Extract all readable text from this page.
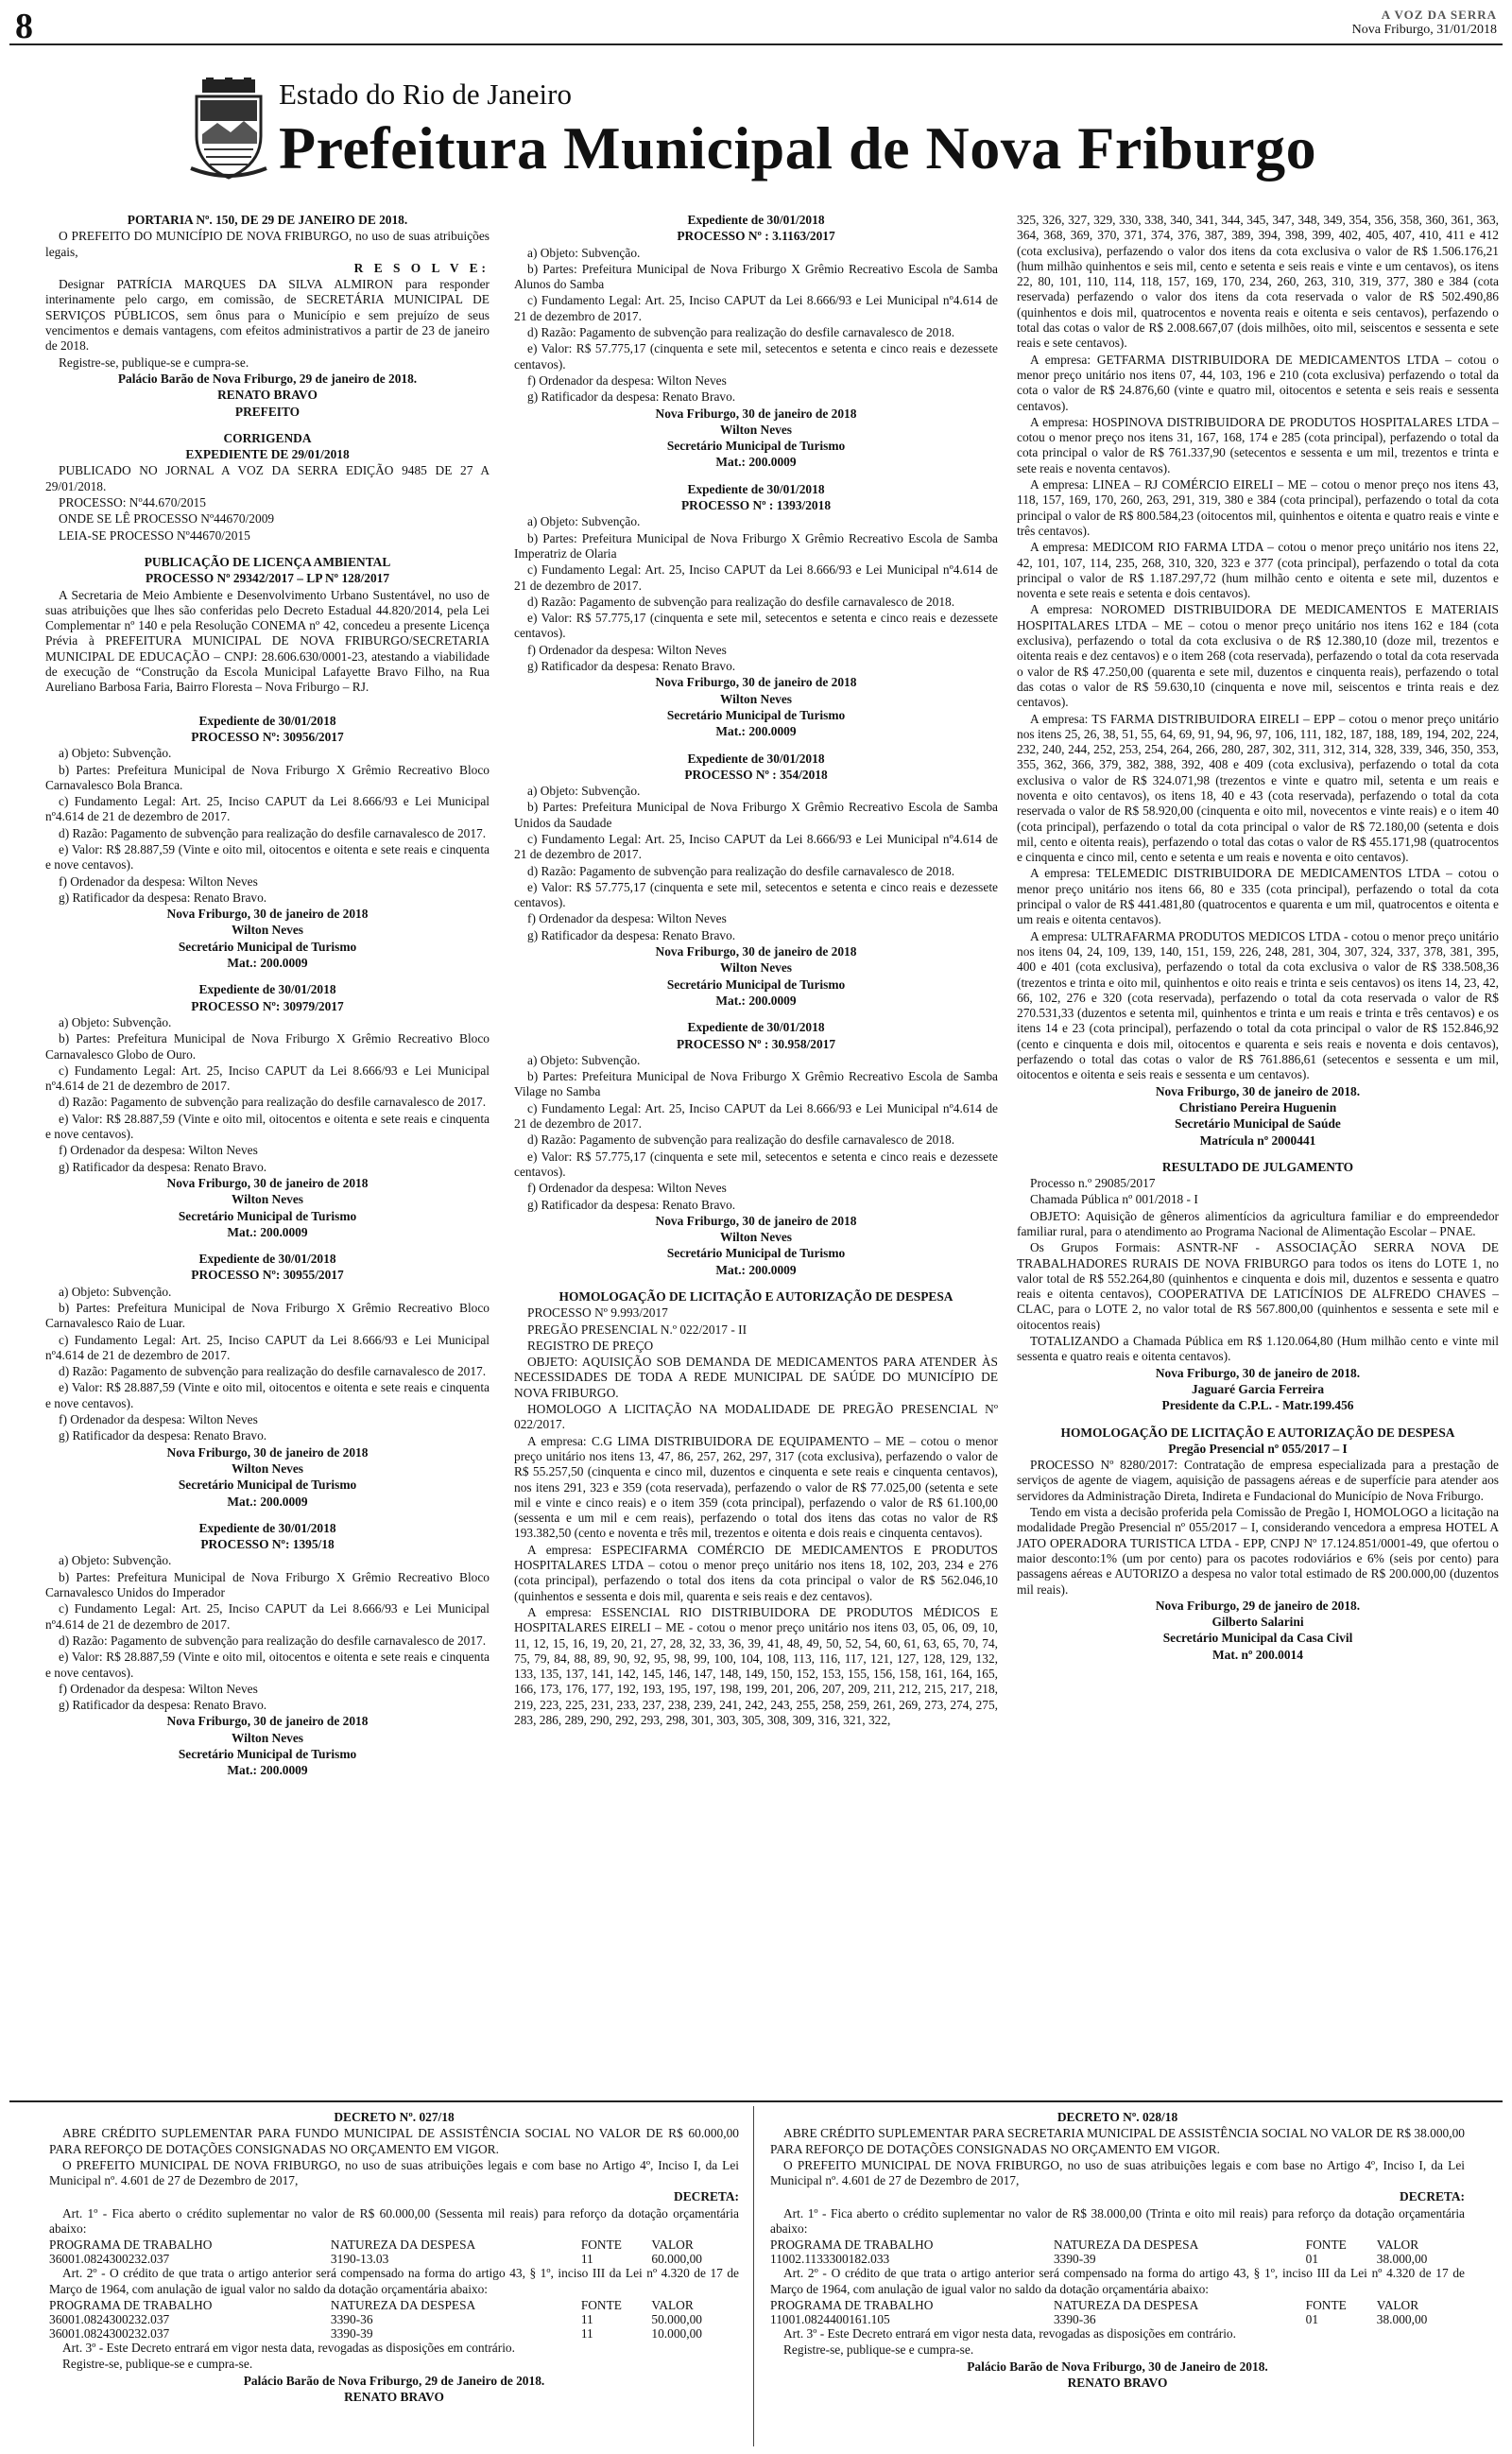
8	A VOZ DA SERRA
Nova Friburgo, 31/01/2018
Estado do Rio de Janeiro
Prefeitura Municipal de Nova Friburgo

PORTARIA Nº. 150, DE 29 DE JANEIRO DE 2018.

O PREFEITO DO MUNICÍPIO DE NOVA FRIBURGO, no uso de suas atribuições legais,

R E S O L V E:

Designar PATRÍCIA MARQUES DA SILVA ALMIRON para responder interinamente pelo cargo, em comissão, de SECRETÁRIA MUNICIPAL DE SERVIÇOS PÚBLICOS, sem ônus para o Município e sem prejuízo de seus vencimentos e demais vantagens, com efeitos administrativos a partir de 23 de janeiro de 2018.

Registre-se, publique-se e cumpra-se.

Palácio Barão de Nova Friburgo, 29 de janeiro de 2018.

RENATO BRAVO

PREFEITO

CORRIGENDA

EXPEDIENTE DE 29/01/2018

PUBLICADO NO JORNAL A VOZ DA SERRA EDIÇÃO 9485 DE 27 A 29/01/2018.

PROCESSO: Nº44.670/2015

ONDE SE LÊ PROCESSO Nº44670/2009

LEIA-SE PROCESSO Nº44670/2015

PUBLICAÇÃO DE LICENÇA AMBIENTAL

PROCESSO Nº 29342/2017 – LP Nº 128/2017

A Secretaria de Meio Ambiente e Desenvolvimento Urbano Sustentável, no uso de suas atribuições que lhes são conferidas pelo Decreto Estadual 44.820/2014, pela Lei Complementar nº 140 e pela Resolução CONEMA nº 42, concedeu a presente Licença Prévia à PREFEITURA MUNICIPAL DE NOVA FRIBURGO/SECRETARIA MUNICIPAL DE EDUCAÇÃO – CNPJ: 28.606.630/0001-23, atestando a viabilidade de execução de “Construção da Escola Municipal Lafayette Bravo Filho, na Rua Aureliano Barbosa Faria, Bairro Floresta – Nova Friburgo – RJ.

Expediente de 30/01/2018

PROCESSO Nº: 30956/2017

a) Objeto: Subvenção.

b) Partes: Prefeitura Municipal de Nova Friburgo X Grêmio Recreativo Bloco Carnavalesco Bola Branca.

c) Fundamento Legal: Art. 25, Inciso CAPUT da Lei 8.666/93 e Lei Municipal nº4.614 de 21 de dezembro de 2017.

d) Razão: Pagamento de subvenção para realização do desfile carnavalesco de 2017.

e) Valor: R$ 28.887,59 (Vinte e oito mil, oitocentos e oitenta e sete reais e cinquenta e nove centavos).

f) Ordenador da despesa: Wilton Neves

g) Ratificador da despesa: Renato Bravo.

Nova Friburgo, 30 de janeiro de 2018

Wilton Neves

Secretário Municipal de Turismo

Mat.: 200.0009

Expediente de 30/01/2018

PROCESSO Nº: 30979/2017

a) Objeto: Subvenção.

b) Partes: Prefeitura Municipal de Nova Friburgo X Grêmio Recreativo Bloco Carnavalesco Globo de Ouro.

c) Fundamento Legal: Art. 25, Inciso CAPUT da Lei 8.666/93 e Lei Municipal nº4.614 de 21 de dezembro de 2017.

d) Razão: Pagamento de subvenção para realização do desfile carnavalesco de 2017.

e) Valor: R$ 28.887,59 (Vinte e oito mil, oitocentos e oitenta e sete reais e cinquenta e nove centavos).

f) Ordenador da despesa: Wilton Neves

g) Ratificador da despesa: Renato Bravo.

Nova Friburgo, 30 de janeiro de 2018

Wilton Neves

Secretário Municipal de Turismo

Mat.: 200.0009

Expediente de 30/01/2018

PROCESSO Nº: 30955/2017

a) Objeto: Subvenção.

b) Partes: Prefeitura Municipal de Nova Friburgo X Grêmio Recreativo Bloco Carnavalesco Raio de Luar.

c) Fundamento Legal: Art. 25, Inciso CAPUT da Lei 8.666/93 e Lei Municipal nº4.614 de 21 de dezembro de 2017.

d) Razão: Pagamento de subvenção para realização do desfile carnavalesco de 2017.

e) Valor: R$ 28.887,59 (Vinte e oito mil, oitocentos e oitenta e sete reais e cinquenta e nove centavos).

f) Ordenador da despesa: Wilton Neves

g) Ratificador da despesa: Renato Bravo.

Nova Friburgo, 30 de janeiro de 2018

Wilton Neves

Secretário Municipal de Turismo

Mat.: 200.0009

Expediente de 30/01/2018

PROCESSO Nº: 1395/18

a) Objeto: Subvenção.

b) Partes: Prefeitura Municipal de Nova Friburgo X Grêmio Recreativo Bloco Carnavalesco Unidos do Imperador

c) Fundamento Legal: Art. 25, Inciso CAPUT da Lei 8.666/93 e Lei Municipal nº4.614 de 21 de dezembro de 2017.

d) Razão: Pagamento de subvenção para realização do desfile carnavalesco de 2017.

e) Valor: R$ 28.887,59 (Vinte e oito mil, oitocentos e oitenta e sete reais e cinquenta e nove centavos).

f) Ordenador da despesa: Wilton Neves

g) Ratificador da despesa: Renato Bravo.

Nova Friburgo, 30 de janeiro de 2018

Wilton Neves

Secretário Municipal de Turismo

Mat.: 200.0009

Expediente de 30/01/2018

PROCESSO Nº : 3.1163/2017

a) Objeto: Subvenção.

b) Partes: Prefeitura Municipal de Nova Friburgo X Grêmio Recreativo Escola de Samba Alunos do Samba

c) Fundamento Legal: Art. 25, Inciso CAPUT da Lei 8.666/93 e Lei Municipal nº4.614 de 21 de dezembro de 2017.

d) Razão: Pagamento de subvenção para realização do desfile carnavalesco de 2018.

e) Valor: R$ 57.775,17 (cinquenta e sete mil, setecentos e setenta e cinco reais e dezessete centavos).

f) Ordenador da despesa: Wilton Neves

g) Ratificador da despesa: Renato Bravo.

Nova Friburgo, 30 de janeiro de 2018

Wilton Neves

Secretário Municipal de Turismo

Mat.: 200.0009

Expediente de 30/01/2018

PROCESSO Nº : 1393/2018

a) Objeto: Subvenção.

b) Partes: Prefeitura Municipal de Nova Friburgo X Grêmio Recreativo Escola de Samba Imperatriz de Olaria

c) Fundamento Legal: Art. 25, Inciso CAPUT da Lei 8.666/93 e Lei Municipal nº4.614 de 21 de dezembro de 2017.

d) Razão: Pagamento de subvenção para realização do desfile carnavalesco de 2018.

e) Valor: R$ 57.775,17 (cinquenta e sete mil, setecentos e setenta e cinco reais e dezessete centavos).

f) Ordenador da despesa: Wilton Neves

g) Ratificador da despesa: Renato Bravo.

Nova Friburgo, 30 de janeiro de 2018

Wilton Neves

Secretário Municipal de Turismo

Mat.: 200.0009

Expediente de 30/01/2018

PROCESSO Nº : 354/2018

a) Objeto: Subvenção.

b) Partes: Prefeitura Municipal de Nova Friburgo X Grêmio Recreativo Escola de Samba Unidos da Saudade

c) Fundamento Legal: Art. 25, Inciso CAPUT da Lei 8.666/93 e Lei Municipal nº4.614 de 21 de dezembro de 2017.

d) Razão: Pagamento de subvenção para realização do desfile carnavalesco de 2018.

e) Valor: R$ 57.775,17 (cinquenta e sete mil, setecentos e setenta e cinco reais e dezessete centavos).

f) Ordenador da despesa: Wilton Neves

g) Ratificador da despesa: Renato Bravo.

Nova Friburgo, 30 de janeiro de 2018

Wilton Neves

Secretário Municipal de Turismo

Mat.: 200.0009

Expediente de 30/01/2018

PROCESSO Nº : 30.958/2017

a) Objeto: Subvenção.

b) Partes: Prefeitura Municipal de Nova Friburgo X Grêmio Recreativo Escola de Samba Vilage no Samba

c) Fundamento Legal: Art. 25, Inciso CAPUT da Lei 8.666/93 e Lei Municipal nº4.614 de 21 de dezembro de 2017.

d) Razão: Pagamento de subvenção para realização do desfile carnavalesco de 2018.

e) Valor: R$ 57.775,17 (cinquenta e sete mil, setecentos e setenta e cinco reais e dezessete centavos).

f) Ordenador da despesa: Wilton Neves

g) Ratificador da despesa: Renato Bravo.

Nova Friburgo, 30 de janeiro de 2018

Wilton Neves

Secretário Municipal de Turismo

Mat.: 200.0009

HOMOLOGAÇÃO DE LICITAÇÃO E AUTORIZAÇÃO DE DESPESA

PROCESSO Nº 9.993/2017

PREGÃO PRESENCIAL N.º 022/2017 - II

REGISTRO DE PREÇO

OBJETO: AQUISIÇÃO SOB DEMANDA DE MEDICAMENTOS PARA ATENDER ÀS NECESSIDADES DE TODA A REDE MUNICIPAL DE SAÚDE DO MUNICÍPIO DE NOVA FRIBURGO.

HOMOLOGO A LICITAÇÃO NA MODALIDADE DE PREGÃO PRESENCIAL Nº 022/2017.

A empresa: C.G LIMA DISTRIBUIDORA DE EQUIPAMENTO – ME – cotou o menor preço unitário nos itens 13, 47, 86, 257, 262, 297, 317 (cota exclusiva), perfazendo o valor de R$ 55.257,50 (cinquenta e cinco mil, duzentos e cinquenta e sete reais e cinquenta centavos), nos itens 291, 323 e 359 (cota reservada), perfazendo o valor de R$ 77.025,00 (setenta e sete mil e vinte e cinco reais) e o item 359 (cota principal), perfazendo o valor de R$ 61.100,00 (sessenta e um mil e cem reais), perfazendo o total dos itens das cotas no valor de R$ 193.382,50 (cento e noventa e três mil, trezentos e oitenta e dois reais e cinquenta centavos).

A empresa: ESPECIFARMA COMÉRCIO DE MEDICAMENTOS E PRODUTOS HOSPITALARES LTDA – cotou o menor preço unitário nos itens 18, 102, 203, 234 e 276 (cota principal), perfazendo o total dos itens da cota principal o valor de R$ 562.046,10 (quinhentos e sessenta e dois mil, quarenta e seis reais e dez centavos).

A empresa: ESSENCIAL RIO DISTRIBUIDORA DE PRODUTOS MÉDICOS E HOSPITALARES EIRELI – ME - cotou o menor preço unitário nos itens 03, 05, 06, 09, 10, 11, 12, 15, 16, 19, 20, 21, 27, 28, 32, 33, 36, 39, 41, 48, 49, 50, 52, 54, 60, 61, 63, 65, 70, 74, 75, 79, 84, 88, 89, 90, 92, 95, 98, 99, 100, 104, 108, 113, 116, 117, 121, 127, 128, 129, 132, 133, 135, 137, 141, 142, 145, 146, 147, 148, 149, 150, 152, 153, 155, 156, 158, 161, 164, 165, 166, 173, 176, 177, 192, 193, 195, 197, 198, 199, 201, 206, 207, 209, 211, 212, 215, 217, 218, 219, 223, 225, 231, 233, 237, 238, 239, 241, 242, 243, 255, 258, 259, 261, 269, 273, 274, 275, 283, 286, 289, 290, 292, 293, 298, 301, 303, 305, 308, 309, 316, 321, 322,

325, 326, 327, 329, 330, 338, 340, 341, 344, 345, 347, 348, 349, 354, 356, 358, 360, 361, 363, 364, 368, 369, 370, 371, 374, 376, 387, 389, 394, 398, 399, 402, 405, 407, 410, 411 e 412 (cota exclusiva), perfazendo o valor dos itens da cota exclusiva o valor de R$ 1.506.176,21 (hum milhão quinhentos e seis mil, cento e setenta e seis reais e vinte e um centavos), os itens 22, 80, 101, 110, 114, 118, 157, 169, 170, 234, 260, 263, 310, 319, 377, 380 e 384 (cota reservada) perfazendo o valor dos itens da cota reservada o valor de R$ 502.490,86 (quinhentos e dois mil, quatrocentos e noventa reais e oitenta e seis centavos), perfazendo o total das cotas o valor de R$ 2.008.667,07 (dois milhões, oito mil, seiscentos e sessenta e sete reais e sete centavos).

A empresa: GETFARMA DISTRIBUIDORA DE MEDICAMENTOS LTDA – cotou o menor preço unitário nos itens 07, 44, 103, 196 e 210 (cota exclusiva) perfazendo o total da cota o valor de R$ 24.876,60 (vinte e quatro mil, oitocentos e setenta e seis reais e sessenta centavos).

A empresa: HOSPINOVA DISTRIBUIDORA DE PRODUTOS HOSPITALARES LTDA – cotou o menor preço nos itens 31, 167, 168, 174 e 285 (cota principal), perfazendo o total da cota principal o valor de R$ 761.337,90 (setecentos e sessenta e um mil, trezentos e trinta e sete reais e noventa centavos).

A empresa: LINEA – RJ COMÉRCIO EIRELI – ME – cotou o menor preço nos itens 43, 118, 157, 169, 170, 260, 263, 291, 319, 380 e 384 (cota principal), perfazendo o total da cota principal o valor de R$ 800.584,23 (oitocentos mil, quinhentos e oitenta e quatro reais e vinte e três centavos).

A empresa: MEDICOM RIO FARMA LTDA – cotou o menor preço unitário nos itens 22, 42, 101, 107, 114, 235, 268, 310, 320, 323 e 377 (cota principal), perfazendo o total da cota principal o valor de R$ 1.187.297,72 (hum milhão cento e oitenta e sete mil, duzentos e noventa e sete reais e setenta e dois centavos).

A empresa: NOROMED DISTRIBUIDORA DE MEDICAMENTOS E MATERIAIS HOSPITALARES LTDA – ME – cotou o menor preço unitário nos itens 162 e 184 (cota exclusiva), perfazendo o total da cota exclusiva o de R$ 12.380,10 (doze mil, trezentos e oitenta reais e dez centavos) e o item 268 (cota reservada), perfazendo o total da cota reservada o valor de R$ 47.250,00 (quarenta e sete mil, duzentos e cinquenta reais), perfazendo o total das cotas o valor de R$ 59.630,10 (cinquenta e nove mil, seiscentos e trinta reais e dez centavos).

A empresa: TS FARMA DISTRIBUIDORA EIRELI – EPP – cotou o menor preço unitário nos itens 25, 26, 38, 51, 55, 64, 69, 91, 94, 96, 97, 106, 111, 182, 187, 188, 189, 194, 202, 224, 232, 240, 244, 252, 253, 254, 264, 266, 280, 287, 302, 311, 312, 314, 328, 339, 346, 350, 353, 355, 362, 366, 379, 382, 388, 392, 408 e 409 (cota exclusiva), perfazendo o total da cota exclusiva o valor de R$ 324.071,98 (trezentos e vinte e quatro mil, setenta e um reais e noventa e oito centavos), os itens 18, 40 e 43 (cota reservada), perfazendo o total da cota reservada o valor de R$ 58.920,00 (cinquenta e oito mil, novecentos e vinte reais) e o item 40 (cota principal), perfazendo o total da cota principal o valor de R$ 72.180,00 (setenta e dois mil, cento e oitenta reais), perfazendo o total das cotas o valor de R$ 455.171,98 (quatrocentos e cinquenta e cinco mil, cento e setenta e um reais e noventa e oito centavos).

A empresa: TELEMEDIC DISTRIBUIDORA DE MEDICAMENTOS LTDA – cotou o menor preço unitário nos itens 66, 80 e 335 (cota principal), perfazendo o total da cota principal o valor de R$ 441.481,80 (quatrocentos e quarenta e um mil, quatrocentos e oitenta e um reais e oitenta centavos).

A empresa: ULTRAFARMA PRODUTOS MEDICOS LTDA - cotou o menor preço unitário nos itens 04, 24, 109, 139, 140, 151, 159, 226, 248, 281, 304, 307, 324, 337, 378, 381, 395, 400 e 401 (cota exclusiva), perfazendo o total da cota exclusiva o valor de R$ 338.508,36 (trezentos e trinta e oito mil, quinhentos e oito reais e trinta e seis centavos) os itens 14, 23, 42, 66, 102, 276 e 320 (cota reservada), perfazendo o total da cota reservada o valor de R$ 270.531,33 (duzentos e setenta mil, quinhentos e trinta e um reais e trinta e três centavos) e os itens 14 e 23 (cota principal), perfazendo o total da cota principal o valor de R$ 152.846,92 (cento e cinquenta e dois mil, oitocentos e quarenta e seis reais e noventa e dois centavos), perfazendo o total das cotas o valor de R$ 761.886,61 (setecentos e sessenta e um mil, oitocentos e oitenta e seis reais e sessenta e um centavos).

Nova Friburgo, 30 de janeiro de 2018.

Christiano Pereira Huguenin

Secretário Municipal de Saúde

Matrícula nº 2000441

RESULTADO DE JULGAMENTO

Processo n.º 29085/2017

Chamada Pública nº 001/2018 - I

OBJETO: Aquisição de gêneros alimentícios da agricultura familiar e do empreendedor familiar rural, para o atendimento ao Programa Nacional de Alimentação Escolar – PNAE.

Os Grupos Formais: ASNTR-NF - ASSOCIAÇÃO SERRA NOVA DE TRABALHADORES RURAIS DE NOVA FRIBURGO para todos os itens do LOTE 1, no valor total de R$ 552.264,80 (quinhentos e cinquenta e dois mil, duzentos e sessenta e quatro reais e oitenta centavos), COOPERATIVA DE LATICÍNIOS DE ALFREDO CHAVES – CLAC, para o LOTE 2, no valor total de R$ 567.800,00 (quinhentos e sessenta e sete mil e oitocentos reais)

TOTALIZANDO a Chamada Pública em R$ 1.120.064,80 (Hum milhão cento e vinte mil sessenta e quatro reais e oitenta centavos).

Nova Friburgo, 30 de janeiro de 2018.

Jaguaré Garcia Ferreira

Presidente da C.P.L. - Matr.199.456

HOMOLOGAÇÃO DE LICITAÇÃO E AUTORIZAÇÃO DE DESPESA

Pregão Presencial nº 055/2017 – I

PROCESSO Nº 8280/2017: Contratação de empresa especializada para a prestação de serviços de agente de viagem, aquisição de passagens aéreas e de superfície para atender aos servidores da Administração Direta, Indireta e Fundacional do Município de Nova Friburgo.

Tendo em vista a decisão proferida pela Comissão de Pregão I, HOMOLOGO a licitação na modalidade Pregão Presencial nº 055/2017 – I, considerando vencedora a empresa HOTEL A JATO OPERADORA TURISTICA LTDA - EPP, CNPJ Nº 17.124.851/0001-49, que ofertou o maior desconto:1% (um por cento) para os pacotes rodoviários e 6% (seis por cento) para passagens aéreas e AUTORIZO a despesa no valor total estimado de R$ 200.000,00 (duzentos mil reais).

Nova Friburgo, 29 de janeiro de 2018.

Gilberto Salarini

Secretário Municipal da Casa Civil

Mat. nº 200.0014

DECRETO Nº. 027/18

ABRE CRÉDITO SUPLEMENTAR PARA FUNDO MUNICIPAL DE ASSISTÊNCIA SOCIAL NO VALOR DE R$ 60.000,00 PARA REFORÇO DE DOTAÇÕES CONSIGNADAS NO ORÇAMENTO EM VIGOR.

O PREFEITO MUNICIPAL DE NOVA FRIBURGO, no uso de suas atribuições legais e com base no Artigo 4º, Inciso I, da Lei Municipal nº. 4.601 de 27 de Dezembro de 2017,

DECRETA:

Art. 1º - Fica aberto o crédito suplementar no valor de R$ 60.000,00 (Sessenta mil reais) para reforço da dotação orçamentária abaixo:

PROGRAMA DE TRABALHO	NATUREZA DA DESPESA	FONTE	VALOR
36001.0824300232.037	3190-13.03	11	60.000,00

Art. 2º - O crédito de que trata o artigo anterior será compensado na forma do artigo 43, § 1º, inciso III da Lei nº 4.320 de 17 de Março de 1964, com anulação de igual valor no saldo da dotação orçamentária abaixo:

PROGRAMA DE TRABALHO	NATUREZA DA DESPESA	FONTE	VALOR
36001.0824300232.037	3390-36	11	50.000,00
36001.0824300232.037	3390-39	11	10.000,00

Art. 3º - Este Decreto entrará em vigor nesta data, revogadas as disposições em contrário.

Registre-se, publique-se e cumpra-se.

Palácio Barão de Nova Friburgo, 29 de Janeiro de 2018.

RENATO BRAVO

DECRETO Nº. 028/18

ABRE CRÉDITO SUPLEMENTAR PARA SECRETARIA MUNICIPAL DE ASSISTÊNCIA SOCIAL NO VALOR DE R$ 38.000,00 PARA REFORÇO DE DOTAÇÕES CONSIGNADAS NO ORÇAMENTO EM VIGOR.

O PREFEITO MUNICIPAL DE NOVA FRIBURGO, no uso de suas atribuições legais e com base no Artigo 4º, Inciso I, da Lei Municipal nº. 4.601 de 27 de Dezembro de 2017,

DECRETA:

Art. 1º - Fica aberto o crédito suplementar no valor de R$ 38.000,00 (Trinta e oito mil reais) para reforço da dotação orçamentária abaixo:

PROGRAMA DE TRABALHO	NATUREZA DA DESPESA	FONTE	VALOR
11002.1133300182.033	3390-39	01	38.000,00

Art. 2º - O crédito de que trata o artigo anterior será compensado na forma do artigo 43, § 1º, inciso III da Lei nº 4.320 de 17 de Março de 1964, com anulação de igual valor no saldo da dotação orçamentária abaixo:

PROGRAMA DE TRABALHO	NATUREZA DA DESPESA	FONTE	VALOR
11001.0824400161.105	3390-36	01	38.000,00

Art. 3º - Este Decreto entrará em vigor nesta data, revogadas as disposições em contrário.

Registre-se, publique-se e cumpra-se.

Palácio Barão de Nova Friburgo, 30 de Janeiro de 2018.

RENATO BRAVO
